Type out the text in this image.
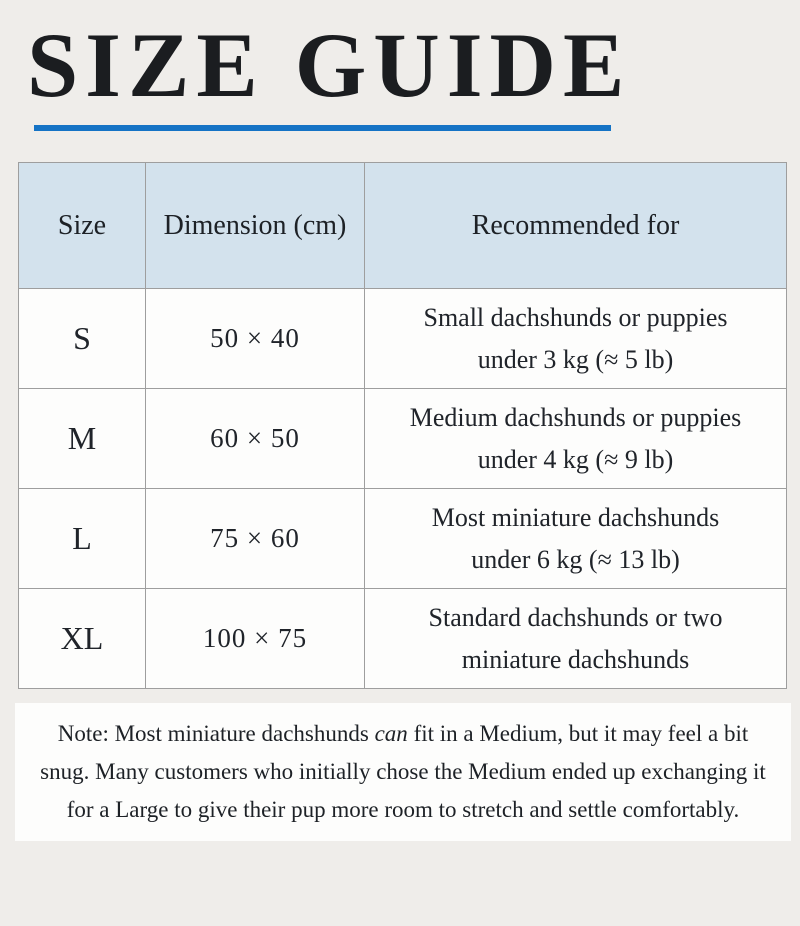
SIZE GUIDE
Size	Dimension (cm)	Recommended for
S	50 × 40	Small dachshunds or puppies
under 3 kg (≈ 5 lb)

M	60 × 50	Medium dachshunds or puppies
under 4 kg (≈ 9 lb)

L	75 × 60	Most miniature dachshunds
under 6 kg (≈ 13 lb)

XL	100 × 75	Standard dachshunds or two
miniature dachshunds

Note: Most miniature dachshunds can fit in a Medium, but it may feel a bit

snug. Many customers who initially chose the Medium ended up exchanging it

for a Large to give their pup more room to stretch and settle comfortably.
